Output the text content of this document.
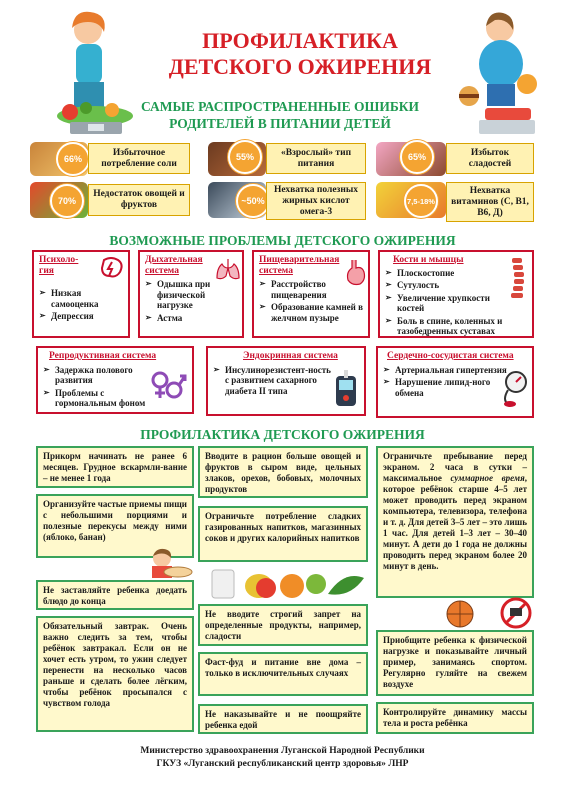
ПРОФИЛАКТИКА
ДЕТСКОГО ОЖИРЕНИЯ
САМЫЕ РАСПРОСТРАНЕННЫЕ ОШИБКИ
РОДИТЕЛЕЙ В ПИТАНИИ ДЕТЕЙ
66%
Избыточное потребление соли
55%	«Взрослый» тип питания
65%	Избыток сладостей
70%
Недостаток овощей и фруктов	~50%
Нехватка полезных жирных кислот омега-3
7,5-18%
Нехватка витаминов (С, В1, В6, Д)
ВОЗМОЖНЫЕ ПРОБЛЕМЫ ДЕТСКОГО ОЖИРЕНИЯ
Психоло-гия
➢ Низкая самооценка
➢ Депрессия
Дыхательная система
➢ Одышка при физической нагрузке
➢ Астма
Пищеварительная система
➢ Расстройство пищеварения
➢ Образование камней в желчном пузыре
Кости и мышцы
➢ Плоскостопие
➢ Сутулость
➢ Увеличение хрупкости костей
➢ Боль в спине, коленных и тазобедренных суставах
Репродуктивная система
➢ Задержка полового развития
➢ Проблемы с гормональным фоном
Эндокринная система
➢ Инсулинорезистент-ность с развитием сахарного диабета II типа
Сердечно-сосудистая система
➢ Артериальная гипертензия
➢ Нарушение липид-ного обмена
ПРОФИЛАКТИКА ДЕТСКОГО ОЖИРЕНИЯ
Прикорм начинать не ранее 6 месяцев. Грудное вскармли-вание – не менее 1 года
Организуйте частые приемы пищи с небольшими порциями и полезные перекусы между ними (яблоко, банан)
Не заставляйте ребенка доедать блюдо до конца
Обязательный завтрак. Очень важно следить за тем, чтобы ребёнок завтракал. Если он не хочет есть утром, то ужин следует перенести на несколько часов раньше и сделать более лёгким, чтобы ребёнок просыпался с чувством голода
Вводите в рацион больше овощей и фруктов в сыром виде, цельных злаков, орехов, бобовых, молочных продуктов
Ограничьте потребление сладких газированных напитков, магазинных соков и других калорийных напитков
Не вводите строгий запрет на определенные продукты, например, сладости
Фаст-фуд и питание вне дома – только в исключительных случаях
Не наказывайте и не поощряйте ребенка едой
Ограничьте пребывание перед экраном. 2 часа в сутки – максимальное суммарное время, которое ребёнок старше 4–5 лет может проводить перед экраном компьютера, телевизора, телефона и т. д. Для детей 3–5 лет – это лишь 1 час. Для детей 1–3 лет – 30–40 минут. А дети до 1 года не должны проводить перед экраном более 20 минут в день.
Приобщите ребенка к физической нагрузке и показывайте личный пример, занимаясь спортом. Регулярно гуляйте на свежем воздухе
Контролируйте динамику массы тела и роста ребёнка
Министерство здравоохранения Луганской Народной Республики
ГКУЗ «Луганский республиканский центр здоровья» ЛНР
